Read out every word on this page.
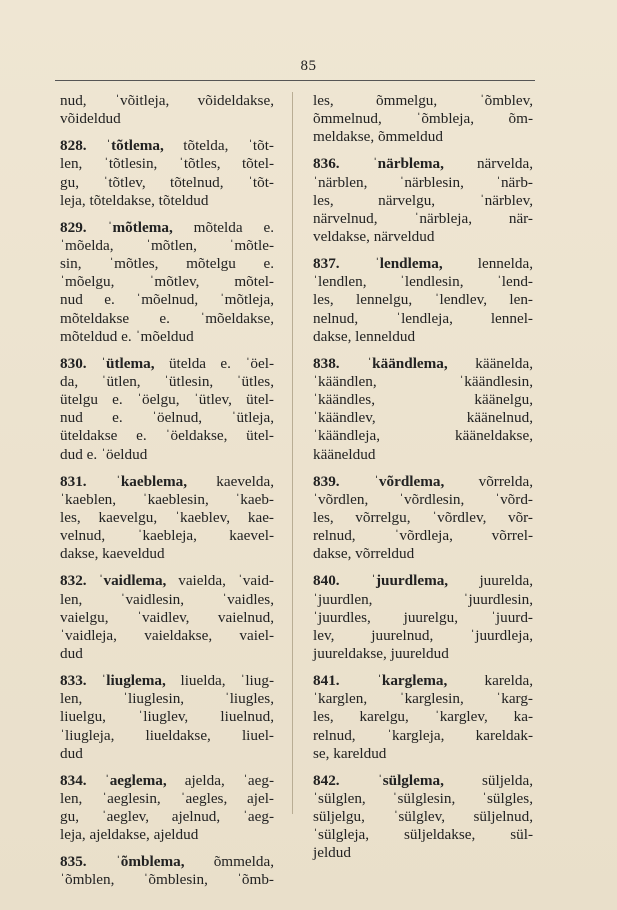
85
nud, ˈvõitleja, võideldakse,
võideldud
828. ˈtõtlema, tõtelda, ˈtõt-
len, ˈtõtlesin, ˈtõtles, tõtel-
gu, ˈtõtlev, tõtelnud, ˈtõt-
leja, tõteldakse, tõteldud
829. ˈmõtlema, mõtelda e.
ˈmõelda, ˈmõtlen, ˈmõtle-
sin, ˈmõtles, mõtelgu e.
ˈmõelgu, ˈmõtlev, mõtel-
nud e. ˈmõelnud, ˈmõtleja,
mõteldakse e. ˈmõeldakse,
mõteldud e. ˈmõeldud
830. ˈütlema, ütelda e. ˈöel-
da, ˈütlen, ˈütlesin, ˈütles,
ütelgu e. ˈöelgu, ˈütlev, ütel-
nud e. ˈöelnud, ˈütleja,
üteldakse e. ˈöeldakse, ütel-
dud e. ˈöeldud
831. ˈkaeblema, kaevelda,
ˈkaeblen, ˈkaeblesin, ˈkaeb-
les, kaevelgu, ˈkaeblev, kae-
velnud, ˈkaebleja, kaevel-
dakse, kaeveldud
832. ˈvaidlema, vaielda, ˈvaid-
len, ˈvaidlesin, ˈvaidles,
vaielgu, ˈvaidlev, vaielnud,
ˈvaidleja, vaieldakse, vaiel-
dud
833. ˈliuglema, liuelda, ˈliug-
len, ˈliuglesin, ˈliugles,
liuelgu, ˈliuglev, liuelnud,
ˈliugleja, liueldakse, liuel-
dud
834. ˈaeglema, ajelda, ˈaeg-
len, ˈaeglesin, ˈaegles, ajel-
gu, ˈaeglev, ajelnud, ˈaeg-
leja, ajeldakse, ajeldud
835. ˈõmblema, õmmelda,
ˈõmblen, ˈõmblesin, ˈõmb-
les, õmmelgu, ˈõmblev,
õmmelnud, ˈõmbleja, õm-
meldakse, õmmeldud
836. ˈnärblema, närvelda,
ˈnärblen, ˈnärblesin, ˈnärb-
les, närvelgu, ˈnärblev,
närvelnud, ˈnärbleja, när-
veldakse, närveldud
837. ˈlendlema, lennelda,
ˈlendlen, ˈlendlesin, ˈlend-
les, lennelgu, ˈlendlev, len-
nelnud, ˈlendleja, lennel-
dakse, lenneldud
838. ˈkäändlema, käänelda,
ˈkäändlen, ˈkäändlesin,
ˈkäändles, käänelgu,
ˈkäändlev, käänelnud,
ˈkäändleja, kääneldakse,
kääneldud
839. ˈvõrdlema, võrrelda,
ˈvõrdlen, ˈvõrdlesin, ˈvõrd-
les, võrrelgu, ˈvõrdlev, võr-
relnud, ˈvõrdleja, võrrel-
dakse, võrreldud
840. ˈjuurdlema, juurelda,
ˈjuurdlen, ˈjuurdlesin,
ˈjuurdles, juurelgu, ˈjuurd-
lev, juurelnud, ˈjuurdleja,
juureldakse, juureldud
841. ˈkarglema, karelda,
ˈkarglen, ˈkarglesin, ˈkarg-
les, karelgu, ˈkarglev, ka-
relnud, ˈkargleja, kareldak-
se, kareldud
842.	ˈsülglema,	süljelda,
ˈsülglen, ˈsülglesin, ˈsülgles,
süljelgu, ˈsülglev, süljelnud,
ˈsülgleja, süljeldakse, sül-
jeldud
